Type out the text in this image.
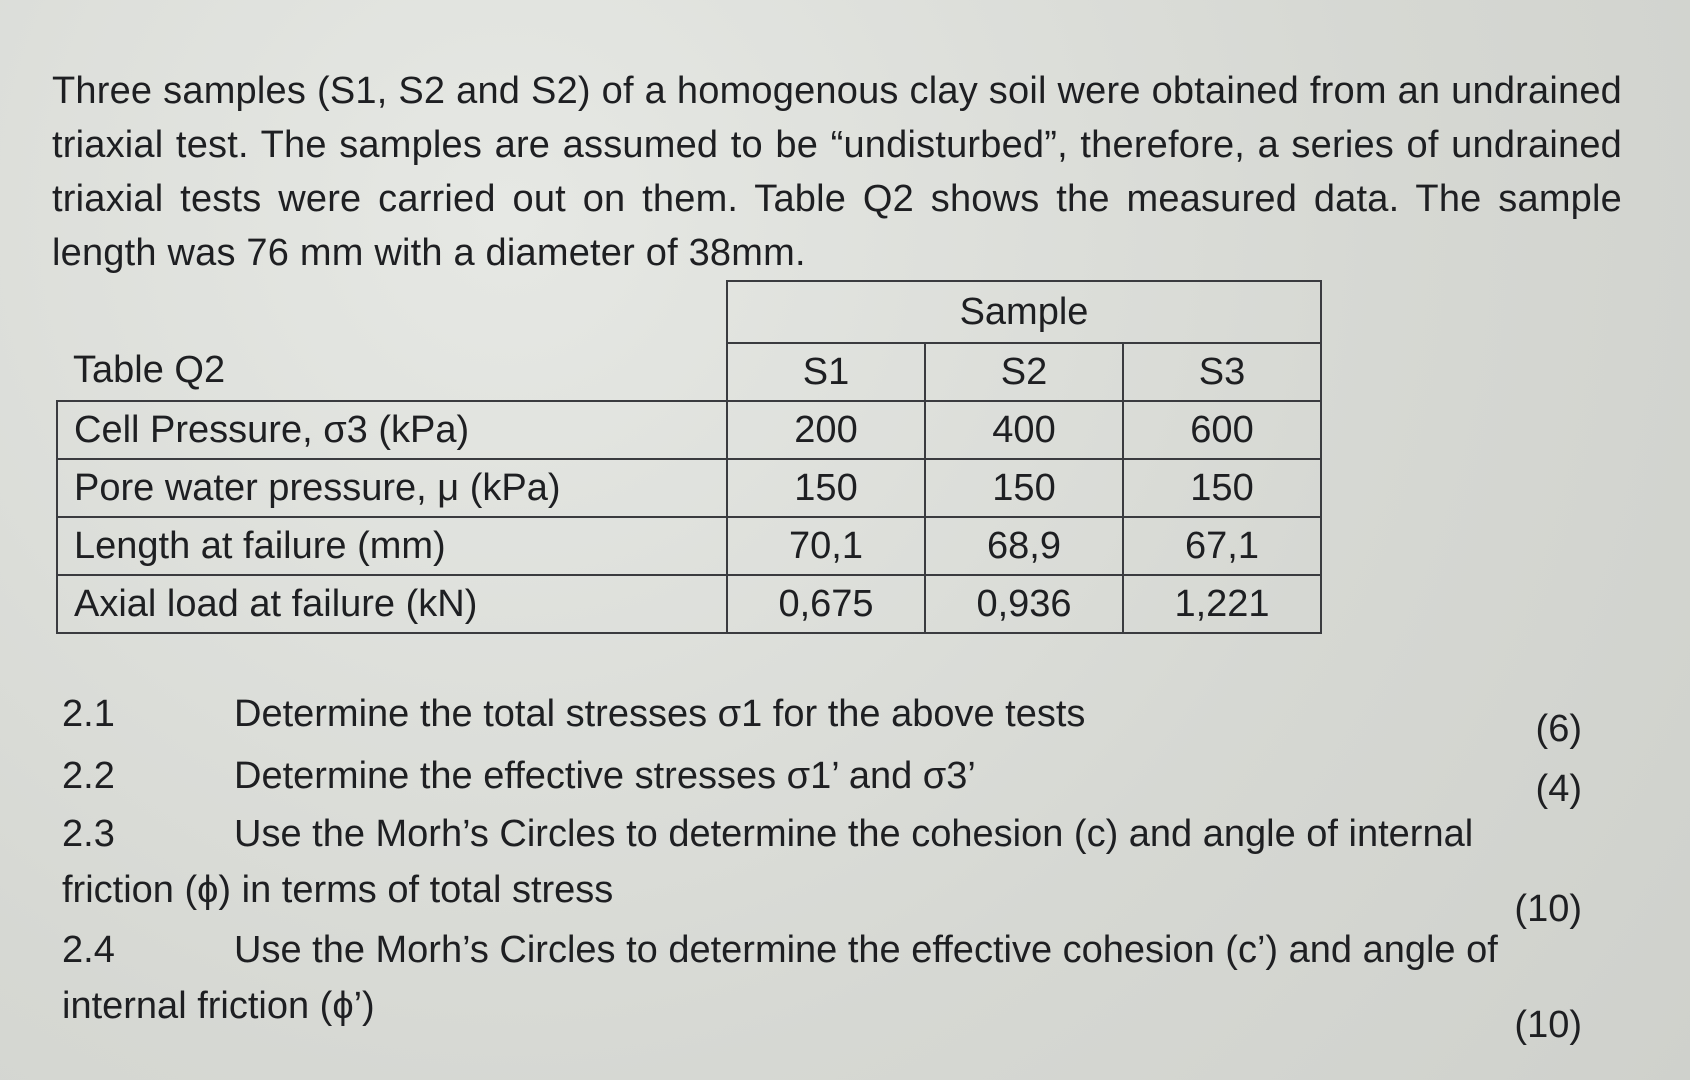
Three samples (S1, S2 and S2) of a homogenous clay soil were obtained from an undrained triaxial test. The samples are assumed to be “undisturbed”, therefore, a series of undrained triaxial tests were carried out on them. Table Q2 shows the measured data. The sample length was 76 mm with a diameter of 38mm.

Table Q2	Sample		
	S1	S2	S3
Cell Pressure, σ3 (kPa)	200	400	600
Pore water pressure, μ (kPa)	150	150	150
Length at failure (mm)	70,1	68,9	67,1
Axial load at failure (kN)	0,675	0,936	1,221
2.1	Determine the total stresses σ1 for the above tests	(6)
2.2	Determine the effective stresses σ1’ and σ3’	(4)
2.3	Use the Morh’s Circles to determine the cohesion (c) and angle of internal
friction (ϕ) in terms of total stress	(10)
2.4	Use the Morh’s Circles to determine the effective cohesion (c’) and angle of
internal friction (ϕ’)	(10)
